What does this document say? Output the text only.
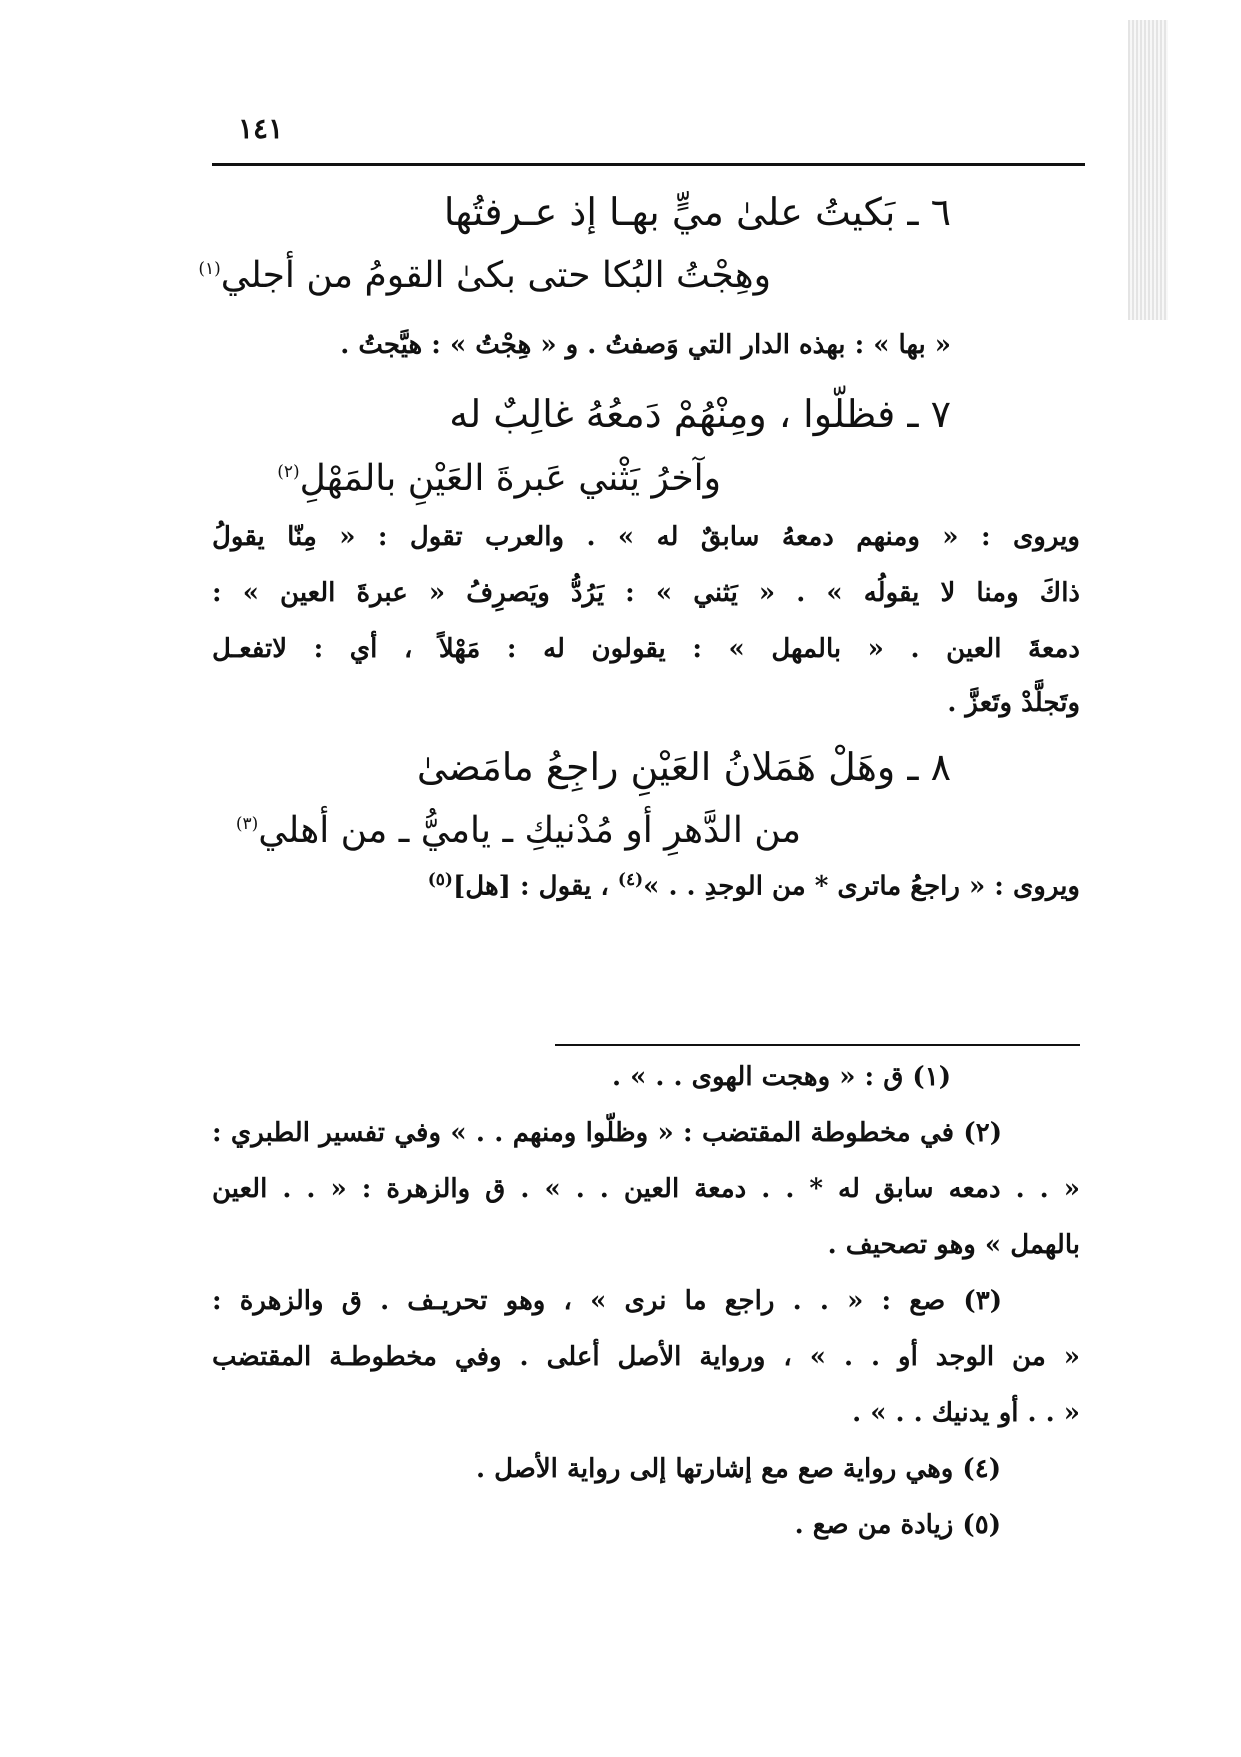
١٤١
٦ ـ بَكيتُ علىٰ ميٍّ بهـا إذ عـرفتُها
وهِجْتُ البُكا حتى بكىٰ القومُ من أجلي$^{(١)}$
« بها » : بهذه الدار التي وَصفتُ . و « هِجْتُ » : هيَّجتُ .
٧ ـ فظلّوا ، ومِنْهُمْ دَمعُهُ غالِبٌ له
وآخرُ يَثْني عَبرةَ العَيْنِ بالمَهْلِ$^{(٢)}$
ويروى : « ومنهم دمعهُ سابقٌ له » . والعرب تقول : « مِنّا يقولُ
ذاكَ ومنا لا يقولُه » . « يَثني » : يَرُدُّ ويَصرِفُ « عبرةَ العين » :
دمعةَ العين . « بالمهل » : يقولون له : مَهْلاً ، أي : لاتفعـل
وتَجلَّدْ وتَعزَّ .
٨ ـ وهَلْ هَمَلانُ العَيْنِ راجِعُ مامَضىٰ
من الدَّهرِ أو مُدْنيكِ ـ ياميُّ ـ من أهلي$^{(٣)}$
ويروى : « راجعُ ماترى * من الوجدِ . . »$^{(٤)}$ ، يقول : [هل]$^{(٥)}$
(١) ق : « وهجت الهوى . . » .
(٢) في مخطوطة المقتضب : « وظلّوا ومنهم . . » وفي تفسير الطبري :
« . . دمعه سابق له * . . دمعة العين . . » . ق والزهرة : « . . العين
بالهمل » وهو تصحيف .
(٣) صع : « . . راجع ما نرى » ، وهو تحريـف . ق والزهرة :
« من الوجد أو . . » ، ورواية الأصل أعلى . وفي مخطوطـة المقتضب
« . . أو يدنيك . . » .
(٤) وهي رواية صع مع إشارتها إلى رواية الأصل .
(٥) زيادة من صع .
